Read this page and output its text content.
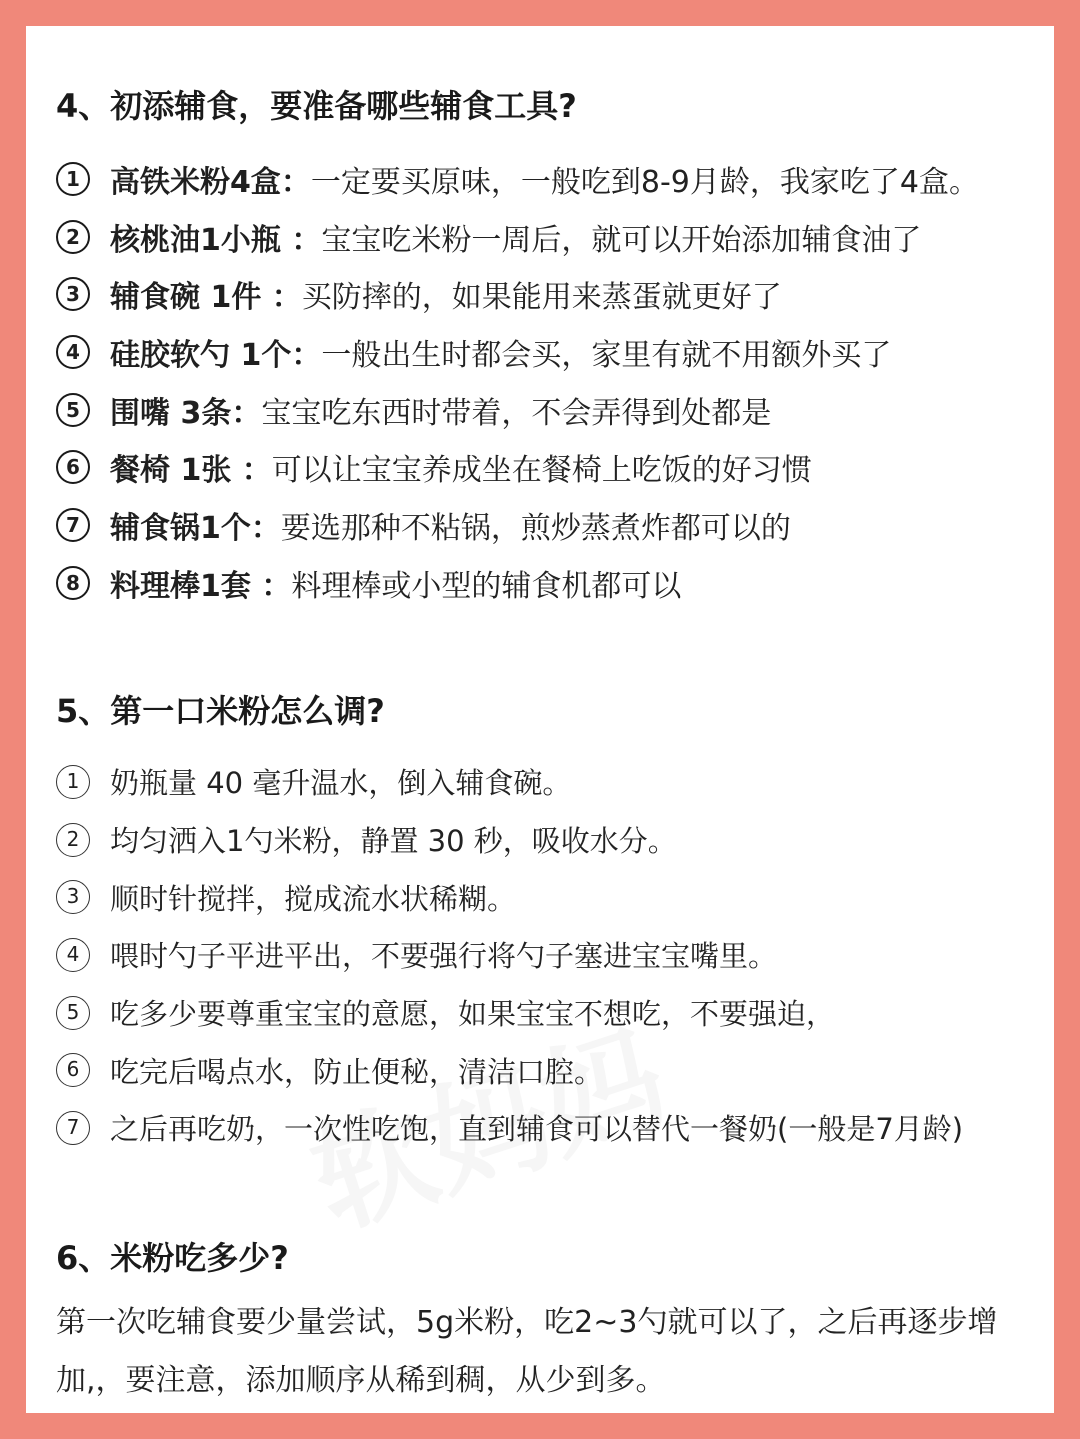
4、初添辅食，要准备哪些辅食工具?
1	高铁米粉4盒： 一定要买原味，一般吃到8-9月龄，我家吃了4盒。
2	核桃油1小瓶 ： 宝宝吃米粉一周后，就可以开始添加辅食油了
3	辅食碗 1件 ： 买防摔的，如果能用来蒸蛋就更好了
4	硅胶软勺 1个： 一般出生时都会买，家里有就不用额外买了
5	围嘴 3条： 宝宝吃东西时带着，不会弄得到处都是
6	餐椅 1张 ： 可以让宝宝养成坐在餐椅上吃饭的好习惯
7	辅食锅1个： 要选那种不粘锅，煎炒蒸煮炸都可以的
8	料理棒1套 ： 料理棒或小型的辅食机都可以
5、第一口米粉怎么调?
1	奶瓶量 40 毫升温水，倒入辅食碗。
2	均匀洒入1勺米粉，静置 30 秒，吸收水分。
3	顺时针搅拌，搅成流水状稀糊。
4	喂时勺子平进平出，不要强行将勺子塞进宝宝嘴里。
5	吃多少要尊重宝宝的意愿，如果宝宝不想吃，不要强迫，
6	吃完后喝点水，防止便秘，清洁口腔。
7	之后再吃奶，一次性吃饱，直到辅食可以替代一餐奶(一般是7月龄)
6、米粉吃多少?

第一次吃辅食要少量尝试，5g米粉，吃2~3勺就可以了，之后再逐步增加,，要注意，添加顺序从稀到稠，从少到多。
